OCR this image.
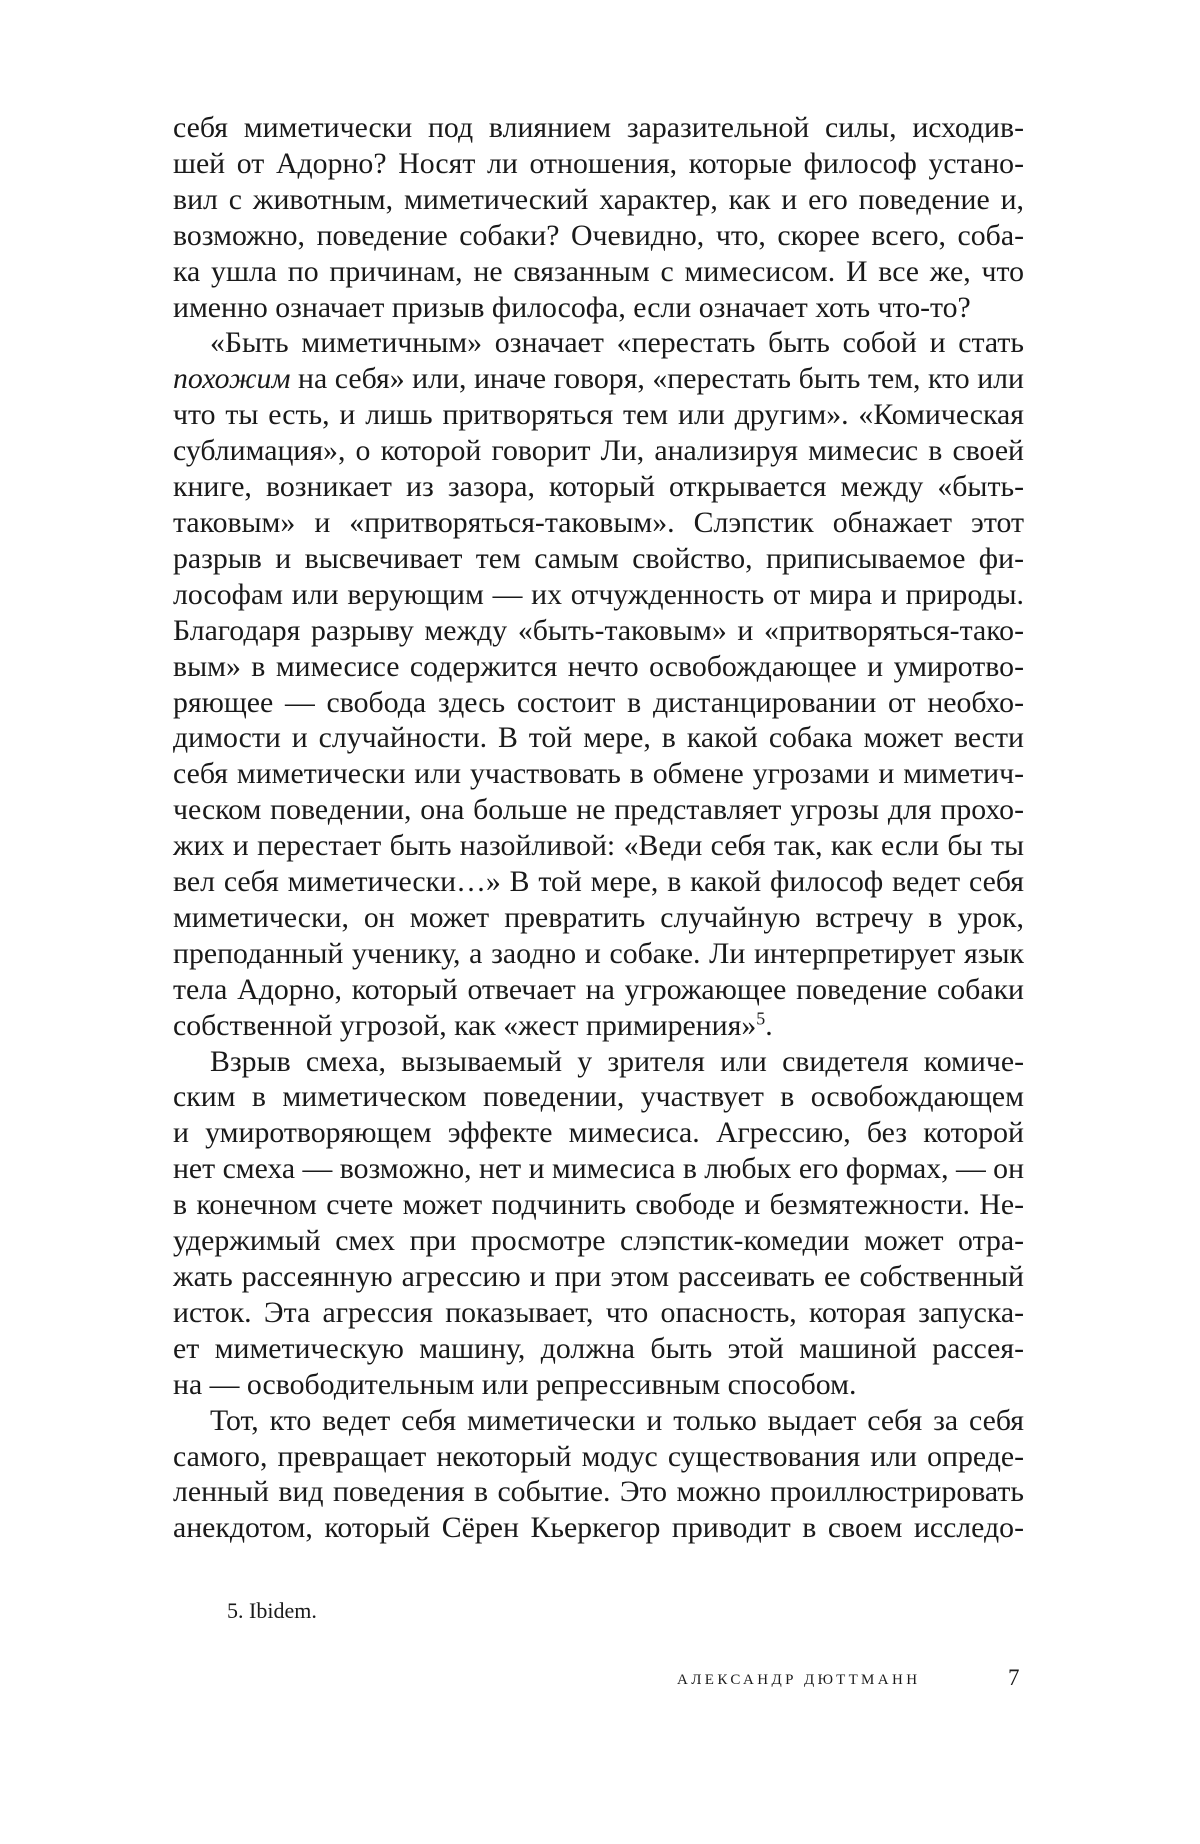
себя миметически под влиянием заразительной силы, исходив-
шей от Адорно? Носят ли отношения, которые философ устано-
вил с животным, миметический характер, как и его поведение и,
возможно, поведение собаки? Очевидно, что, скорее всего, соба-
ка ушла по причинам, не связанным с мимесисом. И все же, что
именно означает призыв философа, если означает хоть что-то?
«Быть миметичным» означает «перестать быть собой и стать
похожим на себя» или, иначе говоря, «перестать быть тем, кто или
что ты есть, и лишь притворяться тем или другим». «Комическая
сублимация», о которой говорит Ли, анализируя мимесис в своей
книге, возникает из зазора, который открывается между «быть-
таковым» и «притворяться-таковым». Слэпстик обнажает этот
разрыв и высвечивает тем самым свойство, приписываемое фи-
лософам или верующим — их отчужденность от мира и природы.
Благодаря разрыву между «быть-таковым» и «притворяться-тако-
вым» в мимесисе содержится нечто освобождающее и умиротво-
ряющее — свобода здесь состоит в дистанцировании от необхо-
димости и случайности. В той мере, в какой собака может вести
себя миметически или участвовать в обмене угрозами и миметич-
ческом поведении, она больше не представляет угрозы для прохо-
жих и перестает быть назойливой: «Веди себя так, как если бы ты
вел себя миметически…» В той мере, в какой философ ведет себя
миметически, он может превратить случайную встречу в урок,
преподанный ученику, а заодно и собаке. Ли интерпретирует язык
тела Адорно, который отвечает на угрожающее поведение собаки
собственной угрозой, как «жест примирения»$^5$.
Взрыв смеха, вызываемый у зрителя или свидетеля комиче-
ским в миметическом поведении, участвует в освобождающем
и умиротворяющем эффекте мимесиса. Агрессию, без которой
нет смеха — возможно, нет и мимесиса в любых его формах, — он
в конечном счете может подчинить свободе и безмятежности. Не-
удержимый смех при просмотре слэпстик-комедии может отра-
жать рассеянную агрессию и при этом рассеивать ее собственный
исток. Эта агрессия показывает, что опасность, которая запуска-
ет миметическую машину, должна быть этой машиной рассея-
на — освободительным или репрессивным способом.
Тот, кто ведет себя миметически и только выдает себя за себя
самого, превращает некоторый модус существования или опреде-
ленный вид поведения в событие. Это можно проиллюстрировать
анекдотом, который Сёрен Кьеркегор приводит в своем исследо-
5. Ibidem.
АЛЕКСАНДР ДЮТТМАНН	7
